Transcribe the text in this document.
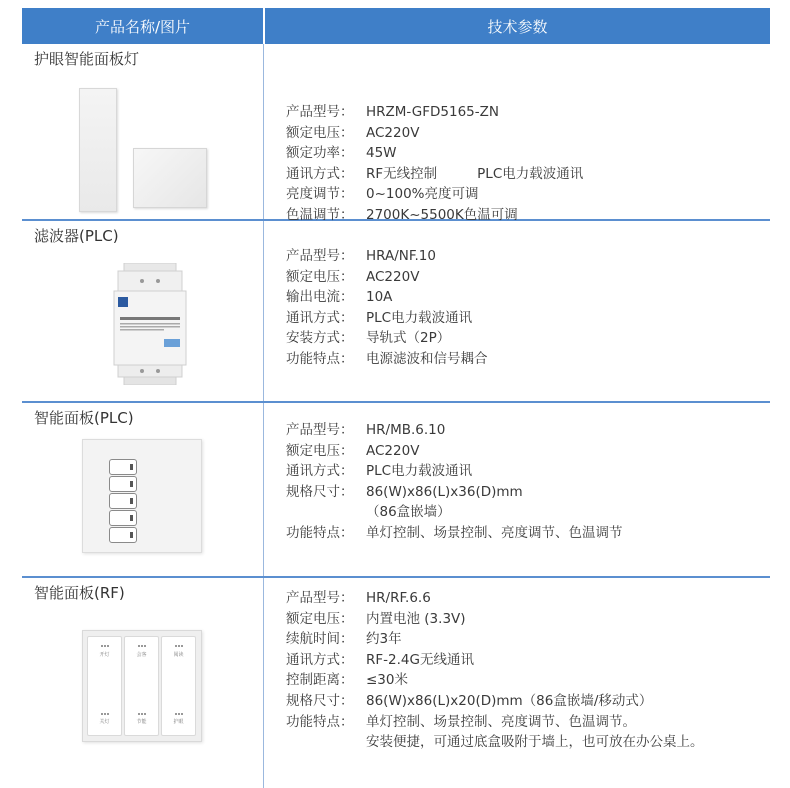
产品名称/图片	技术参数
护眼智能面板灯
产品型号： HRZM-GFD5165-ZN
额定电压： AC220V
额定功率： 45W
通讯方式： RF无线控制	PLC电力载波通讯
亮度调节： 0~100%亮度可调
色温调节： 2700K~5500K色温可调
滤波器(PLC)
产品型号： HRA/NF.10
额定电压： AC220V
输出电流： 10A
通讯方式： PLC电力载波通讯
安装方式： 导轨式（2P）
功能特点： 电源滤波和信号耦合
智能面板(PLC)
产品型号： HR/MB.6.10
额定电压： AC220V
通讯方式： PLC电力载波通讯
规格尺寸： 86(W)x86(L)x36(D)mm
（86盒嵌墙）
功能特点： 单灯控制、场景控制、亮度调节、色温调节
智能面板(RF)
开灯
关灯
会客
节能
阅读
护眼
产品型号： HR/RF.6.6
额定电压： 内置电池 (3.3V)
续航时间： 约3年
通讯方式： RF-2.4G无线通讯
控制距离： ≤30米
规格尺寸： 86(W)x86(L)x20(D)mm（86盒嵌墙/移动式）
功能特点： 单灯控制、场景控制、亮度调节、色温调节。
安装便捷，可通过底盒吸附于墙上，也可放在办公桌上。
